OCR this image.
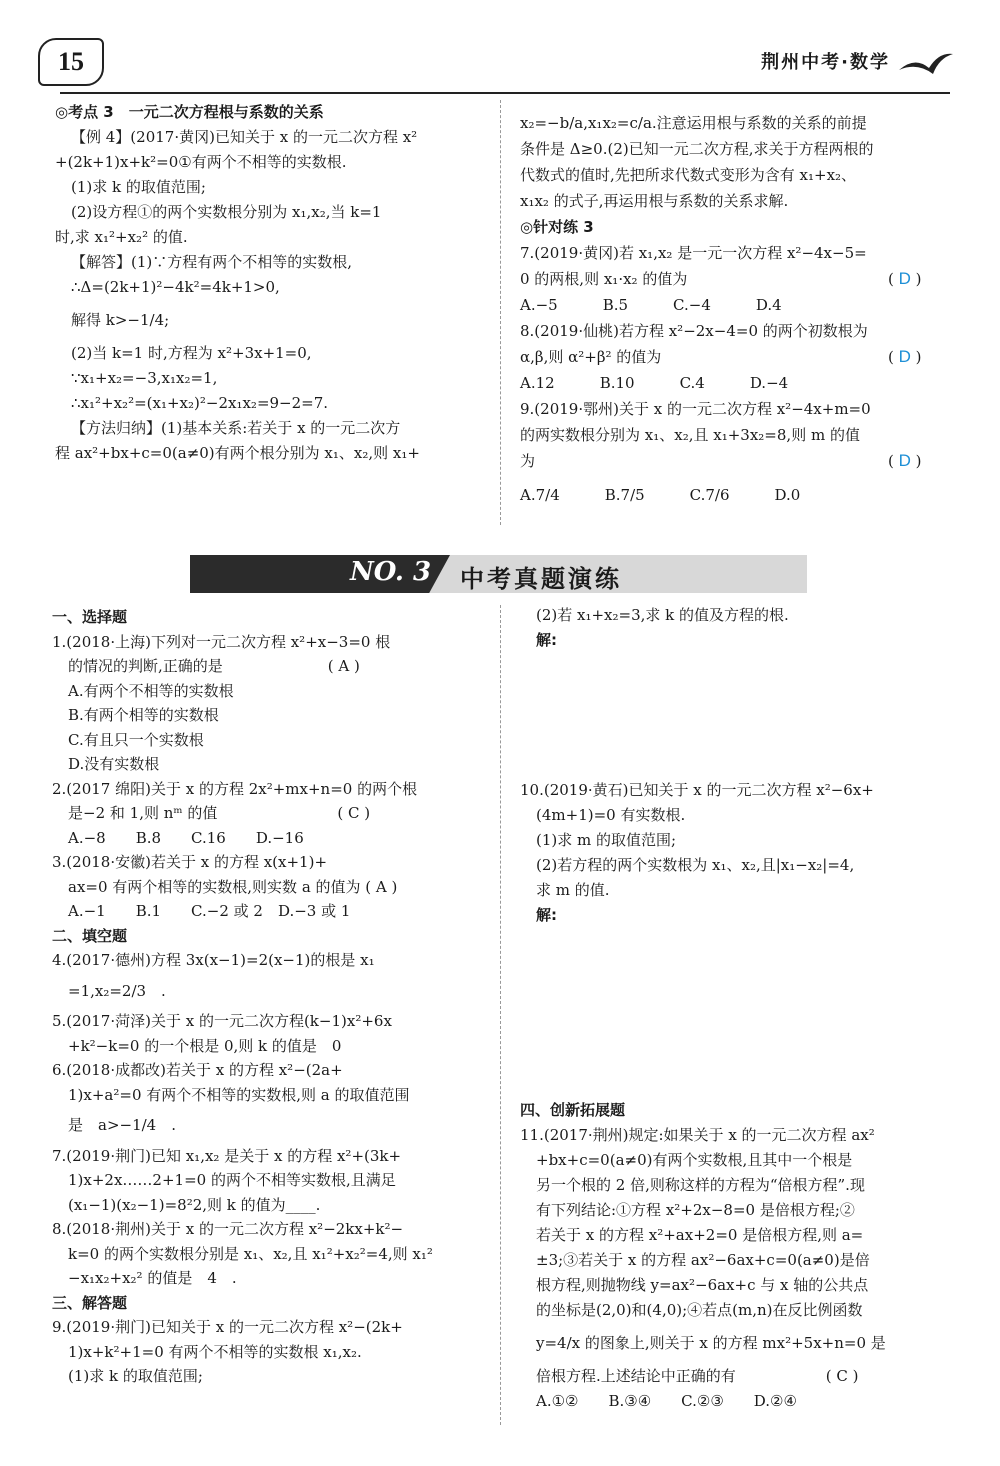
15	荆州中考·数学

◎考点 3　一元二次方程根与系数的关系

【例 4】(2017·黄冈)已知关于 x 的一元二次方程 x²

+(2k+1)x+k²=0①有两个不相等的实数根.

(1)求 k 的取值范围;

(2)设方程①的两个实数根分别为 x₁,x₂,当 k=1

时,求 x₁²+x₂² 的值.

【解答】(1)∵方程有两个不相等的实数根,

∴Δ=(2k+1)²−4k²=4k+1>0,

解得 k>−1/4;

(2)当 k=1 时,方程为 x²+3x+1=0,

∵x₁+x₂=−3,x₁x₂=1,

∴x₁²+x₂²=(x₁+x₂)²−2x₁x₂=9−2=7.

【方法归纳】(1)基本关系:若关于 x 的一元二次方

程 ax²+bx+c=0(a≠0)有两个根分别为 x₁、x₂,则 x₁+

x₂=−b/a,x₁x₂=c/a.注意运用根与系数的关系的前提

条件是 Δ≥0.(2)已知一元二次方程,求关于方程两根的

代数式的值时,先把所求代数式变形为含有 x₁+x₂、

x₁x₂ 的式子,再运用根与系数的关系求解.

◎针对练 3

7.(2019·黄冈)若 x₁,x₂ 是一元一次方程 x²−4x−5=

0 的两根,则 x₁·x₂ 的值为	( D )

A.−5　　　B.5　　　C.−4　　　D.4

8.(2019·仙桃)若方程 x²−2x−4=0 的两个初数根为

α,β,则 α²+β² 的值为	( D )

A.12　　　B.10　　　C.4　　　D.−4

9.(2019·鄂州)关于 x 的一元二次方程 x²−4x+m=0

的两实数根分别为 x₁、x₂,且 x₁+3x₂=8,则 m 的值

为	( D )

A.7/4　　　B.7/5　　　C.7/6　　　D.0

NO. 3 中考真题演练

一、选择题

1.(2018·上海)下列对一元二次方程 x²+x−3=0 根

的情况的判断,正确的是　　　　　　　( A )

A.有两个不相等的实数根

B.有两个相等的实数根

C.有且只一个实数根

D.没有实数根

2.(2017 绵阳)关于 x 的方程 2x²+mx+n=0 的两个根

是−2 和 1,则 nᵐ 的值　　　　　　　　( C )

A.−8　　B.8　　C.16　　D.−16

3.(2018·安徽)若关于 x 的方程 x(x+1)+

ax=0 有两个相等的实数根,则实数 a 的值为 ( A )

A.−1　　B.1　　C.−2 或 2　D.−3 或 1

二、填空题

4.(2017·德州)方程 3x(x−1)=2(x−1)的根是 x₁

=1,x₂=2/3　.

5.(2017·菏泽)关于 x 的一元二次方程(k−1)x²+6x

+k²−k=0 的一个根是 0,则 k 的值是　0　

6.(2018·成都改)若关于 x 的方程 x²−(2a+

1)x+a²=0 有两个不相等的实数根,则 a 的取值范围

是　a>−1/4　.

7.(2019·荆门)已知 x₁,x₂ 是关于 x 的方程 x²+(3k+

1)x+2x……2+1=0 的两个不相等实数根,且满足

(x₁−1)(x₂−1)=8²2,则 k 的值为____.

8.(2018·荆州)关于 x 的一元二次方程 x²−2kx+k²−

k=0 的两个实数根分别是 x₁、x₂,且 x₁²+x₂²=4,则 x₁²

−x₁x₂+x₂² 的值是　4　.

三、解答题

9.(2019·荆门)已知关于 x 的一元二次方程 x²−(2k+

1)x+k²+1=0 有两个不相等的实数根 x₁,x₂.

(1)求 k 的取值范围;

(2)若 x₁+x₂=3,求 k 的值及方程的根.

解:

10.(2019·黄石)已知关于 x 的一元二次方程 x²−6x+

(4m+1)=0 有实数根.

(1)求 m 的取值范围;

(2)若方程的两个实数根为 x₁、x₂,且|x₁−x₂|=4,

求 m 的值.

解:

四、创新拓展题

11.(2017·荆州)规定:如果关于 x 的一元二次方程 ax²

+bx+c=0(a≠0)有两个实数根,且其中一个根是

另一个根的 2 倍,则称这样的方程为“倍根方程”.现

有下列结论:①方程 x²+2x−8=0 是倍根方程;②

若关于 x 的方程 x²+ax+2=0 是倍根方程,则 a=

±3;③若关于 x 的方程 ax²−6ax+c=0(a≠0)是倍

根方程,则抛物线 y=ax²−6ax+c 与 x 轴的公共点

的坐标是(2,0)和(4,0);④若点(m,n)在反比例函数

y=4/x 的图象上,则关于 x 的方程 mx²+5x+n=0 是

倍根方程.上述结论中正确的有　　　　　　( C )

A.①②　　B.③④　　C.②③　　D.②④
